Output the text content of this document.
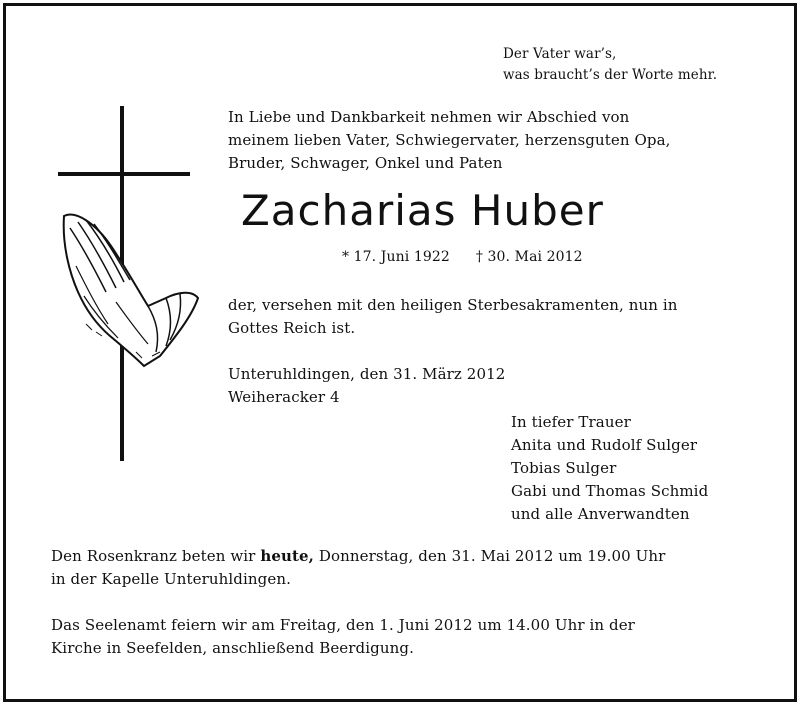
Der Vater war’s,
was braucht’s der Worte mehr.
In Liebe und Dankbarkeit nehmen wir Abschied von
meinem lieben Vater, Schwiegervater, herzensguten Opa,
Bruder, Schwager, Onkel und Paten
Zacharias Huber
* 17. Juni 1922 † 30. Mai 2012
der, versehen mit den heiligen Sterbesakramenten, nun in
Gottes Reich ist.
Unteruhldingen, den 31. März 2012
Weiheracker 4
In tiefer Trauer
Anita und Rudolf Sulger
Tobias Sulger
Gabi und Thomas Schmid
und alle Anverwandten
Den Rosenkranz beten wir heute, Donnerstag, den 31. Mai 2012 um 19.00 Uhr
in der Kapelle Unteruhldingen.
Das Seelenamt feiern wir am Freitag, den 1. Juni 2012 um 14.00 Uhr in der
Kirche in Seefelden, anschließend Beerdigung.
